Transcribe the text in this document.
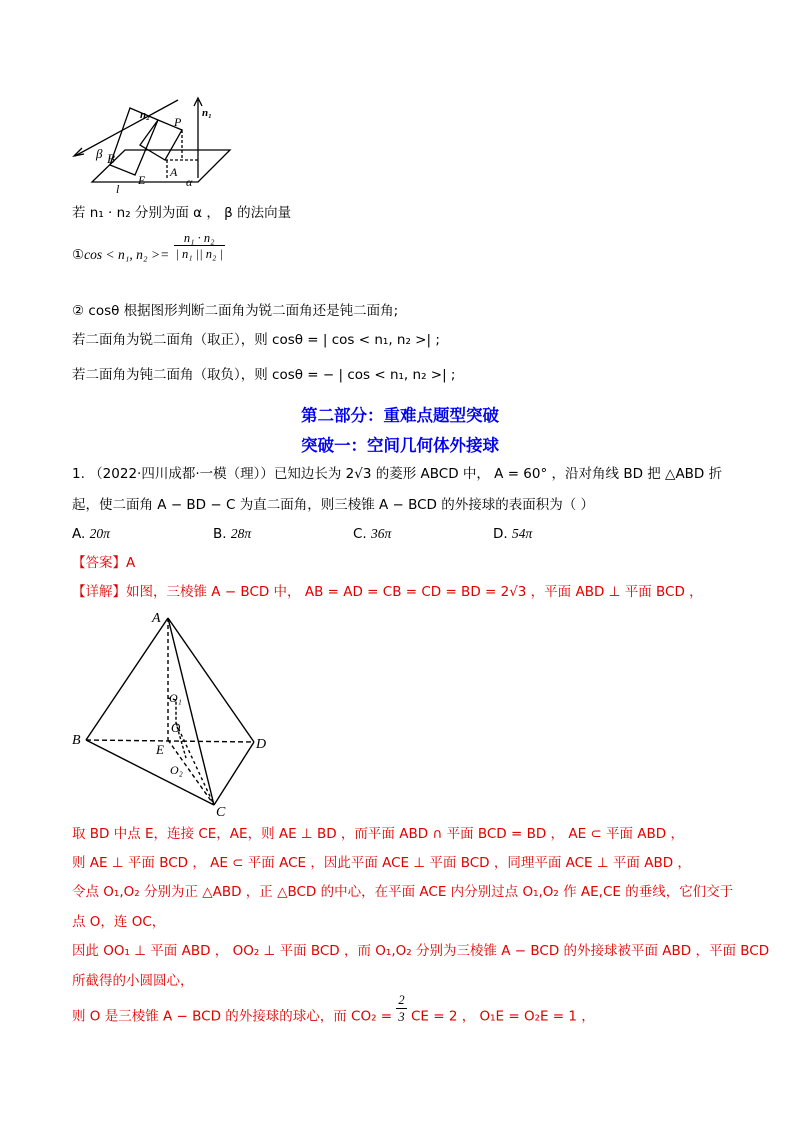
n₂	n₁
P
β B
E
A
α
l
若 n₁ · n₂ 分别为面 α ， β 的法向量
①cos < n₁, $n_2 >= \frac{\text{n₁ · n₂}}{\text{| n₁ || n₂ |}}$
② cosθ 根据图形判断二面角为锐二面角还是钝二面角;
若二面角为锐二面角（取正），则 cosθ = | cos < n₁, n₂ >| ;
若二面角为钝二面角（取负），则 cosθ = − | cos < n₁, n₂ >| ;
第二部分：重难点题型突破
突破一：空间几何体外接球
1. （2022·四川成都·一模（理））已知边长为 2√3 的菱形 ABCD 中， A = 60° ，沿对角线 BD 把 △ABD 折
起，使二面角 A − BD − C 为直二面角，则三棱锥 A − BCD 的外接球的表面积为（ ）
A. 20π	B. 28π	C. 36π	D. 54π
【答案】A
【详解】如图，三棱锥 A − BCD 中， AB = AD = CB = CD = BD = 2√3 ，平面 ABD ⊥ 平面 BCD ，
A
B
C
D
E
O
O₁
O₂
取 BD 中点 E，连接 CE，AE，则 AE ⊥ BD ，而平面 ABD ∩ 平面 BCD = BD ， AE ⊂ 平面 ABD ，
则 AE ⊥ 平面 BCD ， AE ⊂ 平面 ACE ，因此平面 ACE ⊥ 平面 BCD ，同理平面 ACE ⊥ 平面 ABD ，
令点 O₁,O₂ 分别为正 △ABD ，正 △BCD 的中心，在平面 ACE 内分别过点 O₁,O₂ 作 AE,CE 的垂线，它们交于
点 O，连 OC，
因此 OO₁ ⊥ 平面 ABD ， OO₂ ⊥ 平面 BCD ，而 O₁,O₂ 分别为三棱锥 A − BCD 的外接球被平面 ABD ，平面 BCD
所截得的小圆圆心，
则 O 是三棱锥 A − BCD 的外接球的球心，而 $CO_2 = \frac{2}{3}$ CE = 2 ， O₁E = O₂E = 1 ，
